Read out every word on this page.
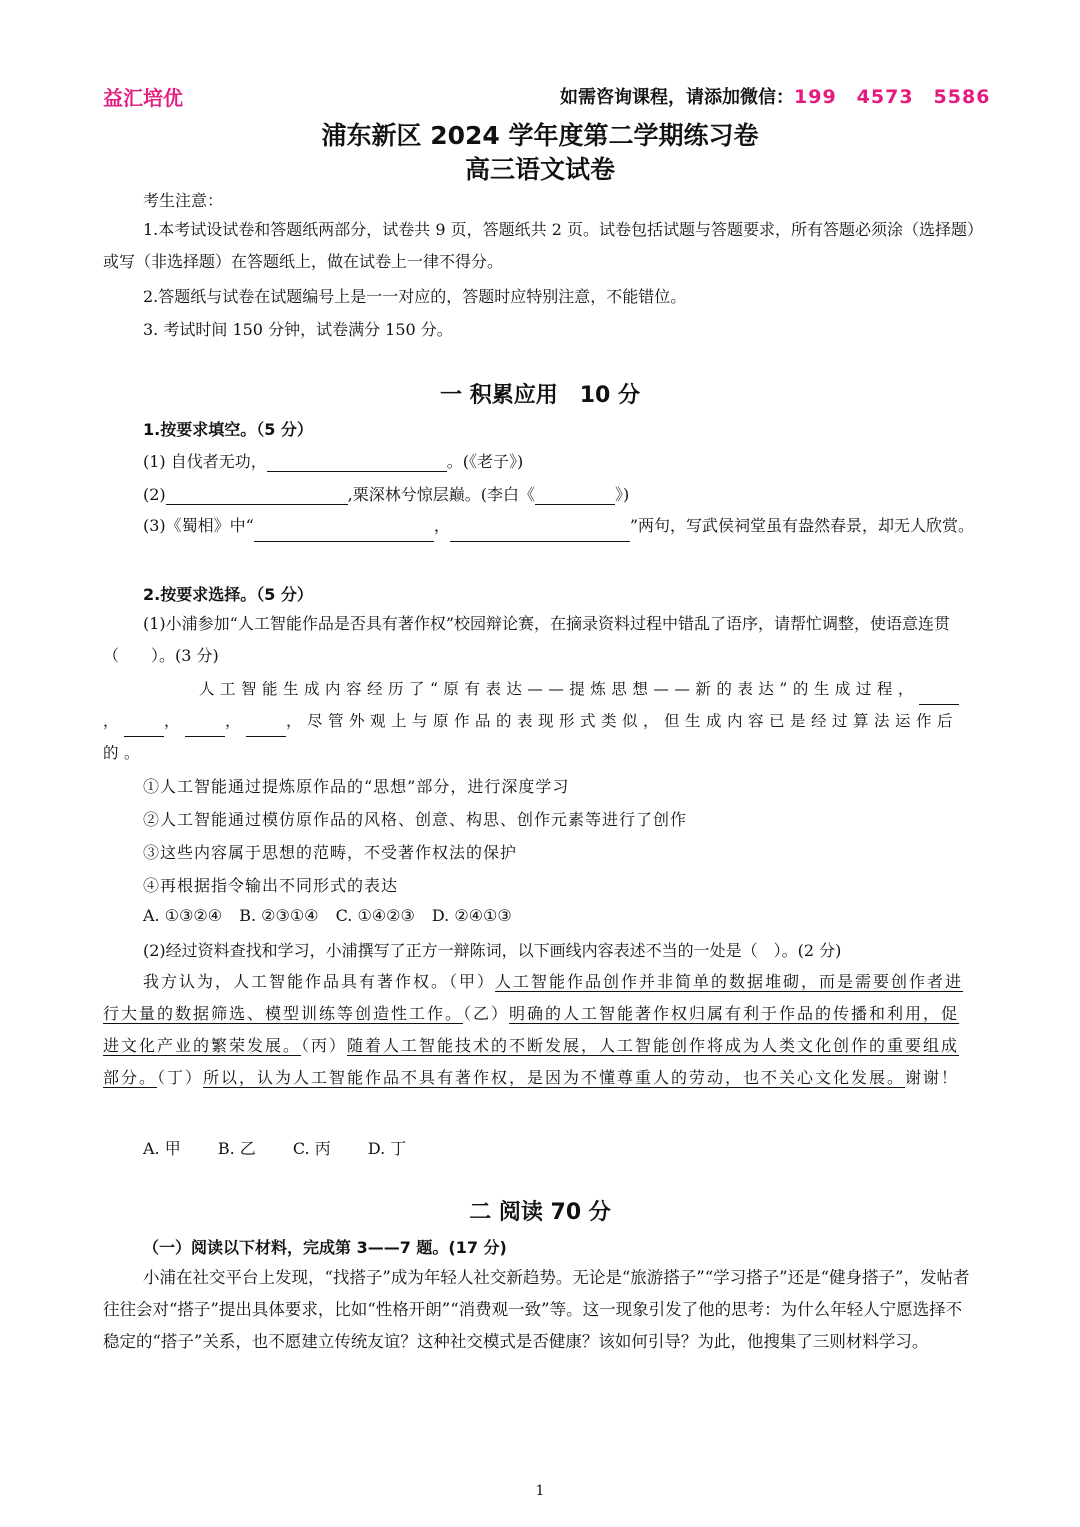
益汇培优	如需咨询课程，请添加微信：199　4573　5586
浦东新区 2024 学年度第二学期练习卷
高三语文试卷
考生注意：
1.本考试设试卷和答题纸两部分，试卷共 9 页，答题纸共 2 页。试卷包括试题与答题要求，所有答题必须涂（选择题）或写（非选择题）在答题纸上，做在试卷上一律不得分。
2.答题纸与试卷在试题编号上是一一对应的，答题时应特别注意，不能错位。
3. 考试时间 150 分钟，试卷满分 150 分。
一 积累应用　10 分
1.按要求填空。（5 分）
(1) 自伐者无功，	。(《老子》)
(2)	,栗深林兮惊层巅。(李白《	》)
(3)《蜀相》中“	，	”两句，写武侯祠堂虽有盎然春景，却无人欣赏。
2.按要求选择。（5 分）
(1)小浦参加“人工智能作品是否具有著作权”校园辩论赛，在摘录资料过程中错乱了语序，请帮忙调整，使语意连贯（　　）。(3 分)
人工智能生成内容经历了“原有表达——提炼思想——新的表达”的生成过程，，	，	，	，尽管外观上与原作品的表现形式类似，但生成内容已是经过算法运作后的。
①人工智能通过提炼原作品的“思想”部分，进行深度学习
②人工智能通过模仿原作品的风格、创意、构思、创作元素等进行了创作
③这些内容属于思想的范畴，不受著作权法的保护
④再根据指令输出不同形式的表达
A. ①③②④ B. ②③①④ C. ①④②③ D. ②④①③
(2)经过资料查找和学习，小浦撰写了正方一辩陈词，以下画线内容表述不当的一处是（　）。(2 分)
我方认为，人工智能作品具有著作权。（甲）人工智能作品创作并非简单的数据堆砌，而是需要创作者进行大量的数据筛选、模型训练等创造性工作。（乙）明确的人工智能著作权归属有利于作品的传播和利用，促进文化产业的繁荣发展。（丙）随着人工智能技术的不断发展，人工智能创作将成为人类文化创作的重要组成部分。（丁）所以，认为人工智能作品不具有著作权，是因为不懂尊重人的劳动，也不关心文化发展。谢谢！
A. 甲 B. 乙 C. 丙 D. 丁
二 阅读 70 分
（一）阅读以下材料，完成第 3——7 题。(17 分)
小浦在社交平台上发现，“找搭子”成为年轻人社交新趋势。无论是“旅游搭子”“学习搭子”还是“健身搭子”，发帖者往往会对“搭子”提出具体要求，比如“性格开朗”“消费观一致”等。这一现象引发了他的思考：为什么年轻人宁愿选择不稳定的“搭子”关系，也不愿建立传统友谊？这种社交模式是否健康？该如何引导？为此，他搜集了三则材料学习。
1
